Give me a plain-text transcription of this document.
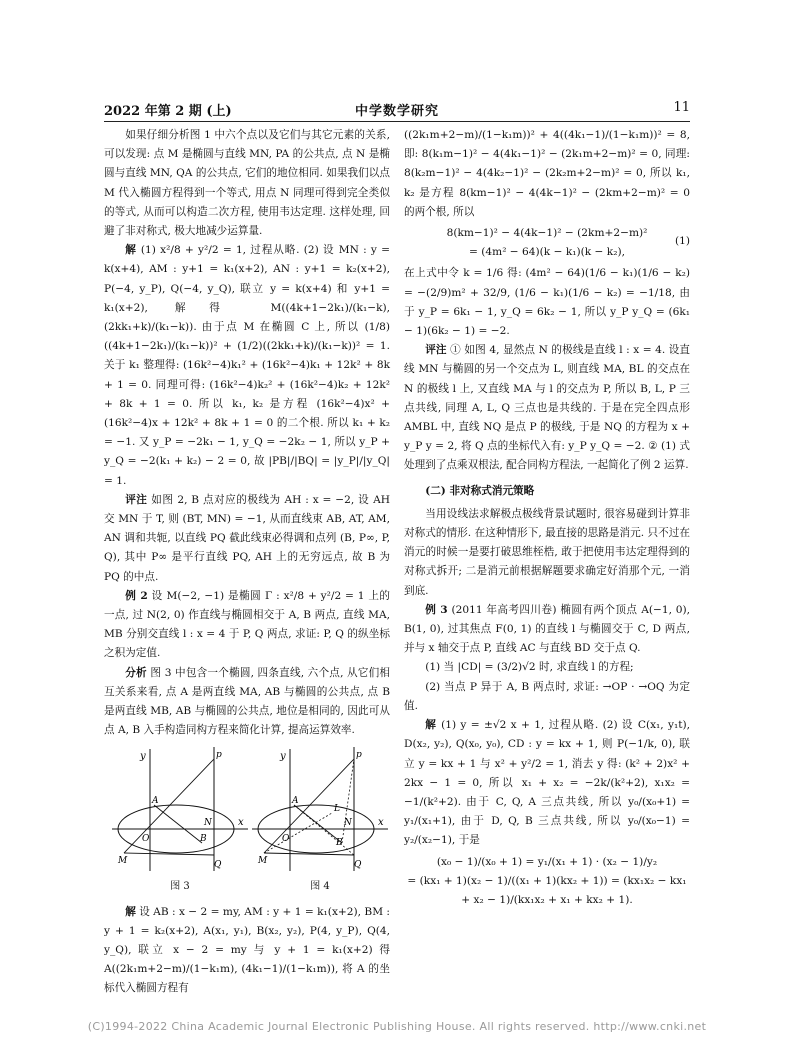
2022 年第 2 期 (上)	中学数学研究	11

如果仔细分析图 1 中六个点以及它们与其它元素的关系, 可以发现: 点 M 是椭圆与直线 MN, PA 的公共点, 点 N 是椭圆与直线 MN, QA 的公共点, 它们的地位相同. 如果我们以点 M 代入椭圆方程得到一个等式, 用点 N 同理可得到完全类似的等式, 从而可以构造二次方程, 使用韦达定理. 这样处理, 回避了非对称式, 极大地减少运算量.

解 (1) x²/8 + y²/2 = 1, 过程从略. (2) 设 MN : y = k(x+4), AM : y+1 = k₁(x+2), AN : y+1 = k₂(x+2), P(−4, y_P), Q(−4, y_Q), 联立 y = k(x+4) 和 y+1 = k₁(x+2), 解得 M((4k+1−2k₁)/(k₁−k), (2kk₁+k)/(k₁−k)). 由于点 M 在椭圆 C 上, 所以 (1/8)((4k+1−2k₁)/(k₁−k))² + (1/2)((2kk₁+k)/(k₁−k))² = 1. 关于 k₁ 整理得: (16k²−4)k₁² + (16k²−4)k₁ + 12k² + 8k + 1 = 0. 同理可得: (16k²−4)k₂² + (16k²−4)k₂ + 12k² + 8k + 1 = 0. 所以 k₁, k₂ 是方程 (16k²−4)x² + (16k²−4)x + 12k² + 8k + 1 = 0 的二个根. 所以 k₁ + k₂ = −1. 又 y_P = −2k₁ − 1, y_Q = −2k₂ − 1, 所以 y_P + y_Q = −2(k₁ + k₂) − 2 = 0, 故 |PB|/|BQ| = |y_P|/|y_Q| = 1.

评注 如图 2, B 点对应的极线为 AH : x = −2, 设 AH 交 MN 于 T, 则 (BT, MN) = −1, 从而直线束 AB, AT, AM, AN 调和共轭, 以直线 PQ 截此线束必得调和点列 (B, P∞, P, Q), 其中 P∞ 是平行直线 PQ, AH 上的无穷远点, 故 B 为 PQ 的中点.

例 2 设 M(−2, −1) 是椭圆 Γ : x²/8 + y²/2 = 1 上的一点, 过 N(2, 0) 作直线与椭圆相交于 A, B 两点, 直线 MA, MB 分别交直线 l : x = 4 于 P, Q 两点, 求证: P, Q 的纵坐标之积为定值.

分析 图 3 中包含一个椭圆, 四条直线, 六个点, 从它们相互关系来看, 点 A 是两直线 MA, AB 与椭圆的公共点, 点 B 是两直线 MB, AB 与椭圆的公共点, 地位是相同的, 因此可从点 A, B 入手构造同构方程来简化计算, 提高运算效率.

y
x
p
A
M
B
N
Q
O
y
x
p
A
M
B
N
L
Q
O
图 3	图 4

解 设 AB : x − 2 = my, AM : y + 1 = k₁(x+2), BM : y + 1 = k₂(x+2), A(x₁, y₁), B(x₂, y₂), P(4, y_P), Q(4, y_Q), 联立 x − 2 = my 与 y + 1 = k₁(x+2) 得 A((2k₁m+2−m)/(1−k₁m), (4k₁−1)/(1−k₁m)), 将 A 的坐标代入椭圆方程有

((2k₁m+2−m)/(1−k₁m))² + 4((4k₁−1)/(1−k₁m))² = 8, 即: 8(k₁m−1)² − 4(4k₁−1)² − (2k₁m+2−m)² = 0, 同理: 8(k₂m−1)² − 4(4k₂−1)² − (2k₂m+2−m)² = 0, 所以 k₁, k₂ 是方程 8(km−1)² − 4(4k−1)² − (2km+2−m)² = 0 的两个根, 所以

8(km−1)² − 4(4k−1)² − (2km+2−m)²
= (4m² − 64)(k − k₁)(k − k₂),
(1)

在上式中令 k = 1/6 得: (4m² − 64)(1/6 − k₁)(1/6 − k₂) = −(2/9)m² + 32/9, (1/6 − k₁)(1/6 − k₂) = −1/18, 由于 y_P = 6k₁ − 1, y_Q = 6k₂ − 1, 所以 y_P y_Q = (6k₁ − 1)(6k₂ − 1) = −2.

评注 ① 如图 4, 显然点 N 的极线是直线 l : x = 4. 设直线 MN 与椭圆的另一个交点为 L, 则直线 MA, BL 的交点在 N 的极线 l 上, 又直线 MA 与 l 的交点为 P, 所以 B, L, P 三点共线, 同理 A, L, Q 三点也是共线的. 于是在完全四点形 AMBL 中, 直线 NQ 是点 P 的极线, 于是 NQ 的方程为 x + y_P y = 2, 将 Q 点的坐标代入有: y_P y_Q = −2. ② (1) 式处理到了点乘双根法, 配合同构方程法, 一起简化了例 2 运算.

(二) 非对称式消元策略

当用设线法求解极点极线背景试题时, 很容易碰到计算非对称式的情形. 在这种情形下, 最直接的思路是消元. 只不过在消元的时候一是要打破思维桎梏, 敢于把使用韦达定理得到的对称式拆开; 二是消元前根据解题要求确定好消那个元, 一消到底.

例 3 (2011 年高考四川卷) 椭圆有两个顶点 A(−1, 0), B(1, 0), 过其焦点 F(0, 1) 的直线 l 与椭圆交于 C, D 两点, 并与 x 轴交于点 P, 直线 AC 与直线 BD 交于点 Q.

(1) 当 |CD| = (3/2)√2 时, 求直线 l 的方程;

(2) 当点 P 异于 A, B 两点时, 求证: →OP · →OQ 为定值.

解 (1) y = ±√2 x + 1, 过程从略. (2) 设 C(x₁, y₁t), D(x₂, y₂), Q(x₀, y₀), CD : y = kx + 1, 则 P(−1/k, 0), 联立 y = kx + 1 与 x² + y²/2 = 1, 消去 y 得: (k² + 2)x² + 2kx − 1 = 0, 所以 x₁ + x₂ = −2k/(k²+2), x₁x₂ = −1/(k²+2). 由于 C, Q, A 三点共线, 所以 y₀/(x₀+1) = y₁/(x₁+1), 由于 D, Q, B 三点共线, 所以 y₀/(x₀−1) = y₂/(x₂−1), 于是

(x₀ − 1)/(x₀ + 1) = y₁/(x₁ + 1) · (x₂ − 1)/y₂
= (kx₁ + 1)(x₂ − 1)/((x₁ + 1)(kx₂ + 1)) = (kx₁x₂ − kx₁ + x₂ − 1)/(kx₁x₂ + x₁ + kx₂ + 1).
(C)1994-2022 China Academic Journal Electronic Publishing House. All rights reserved. http://www.cnki.net
